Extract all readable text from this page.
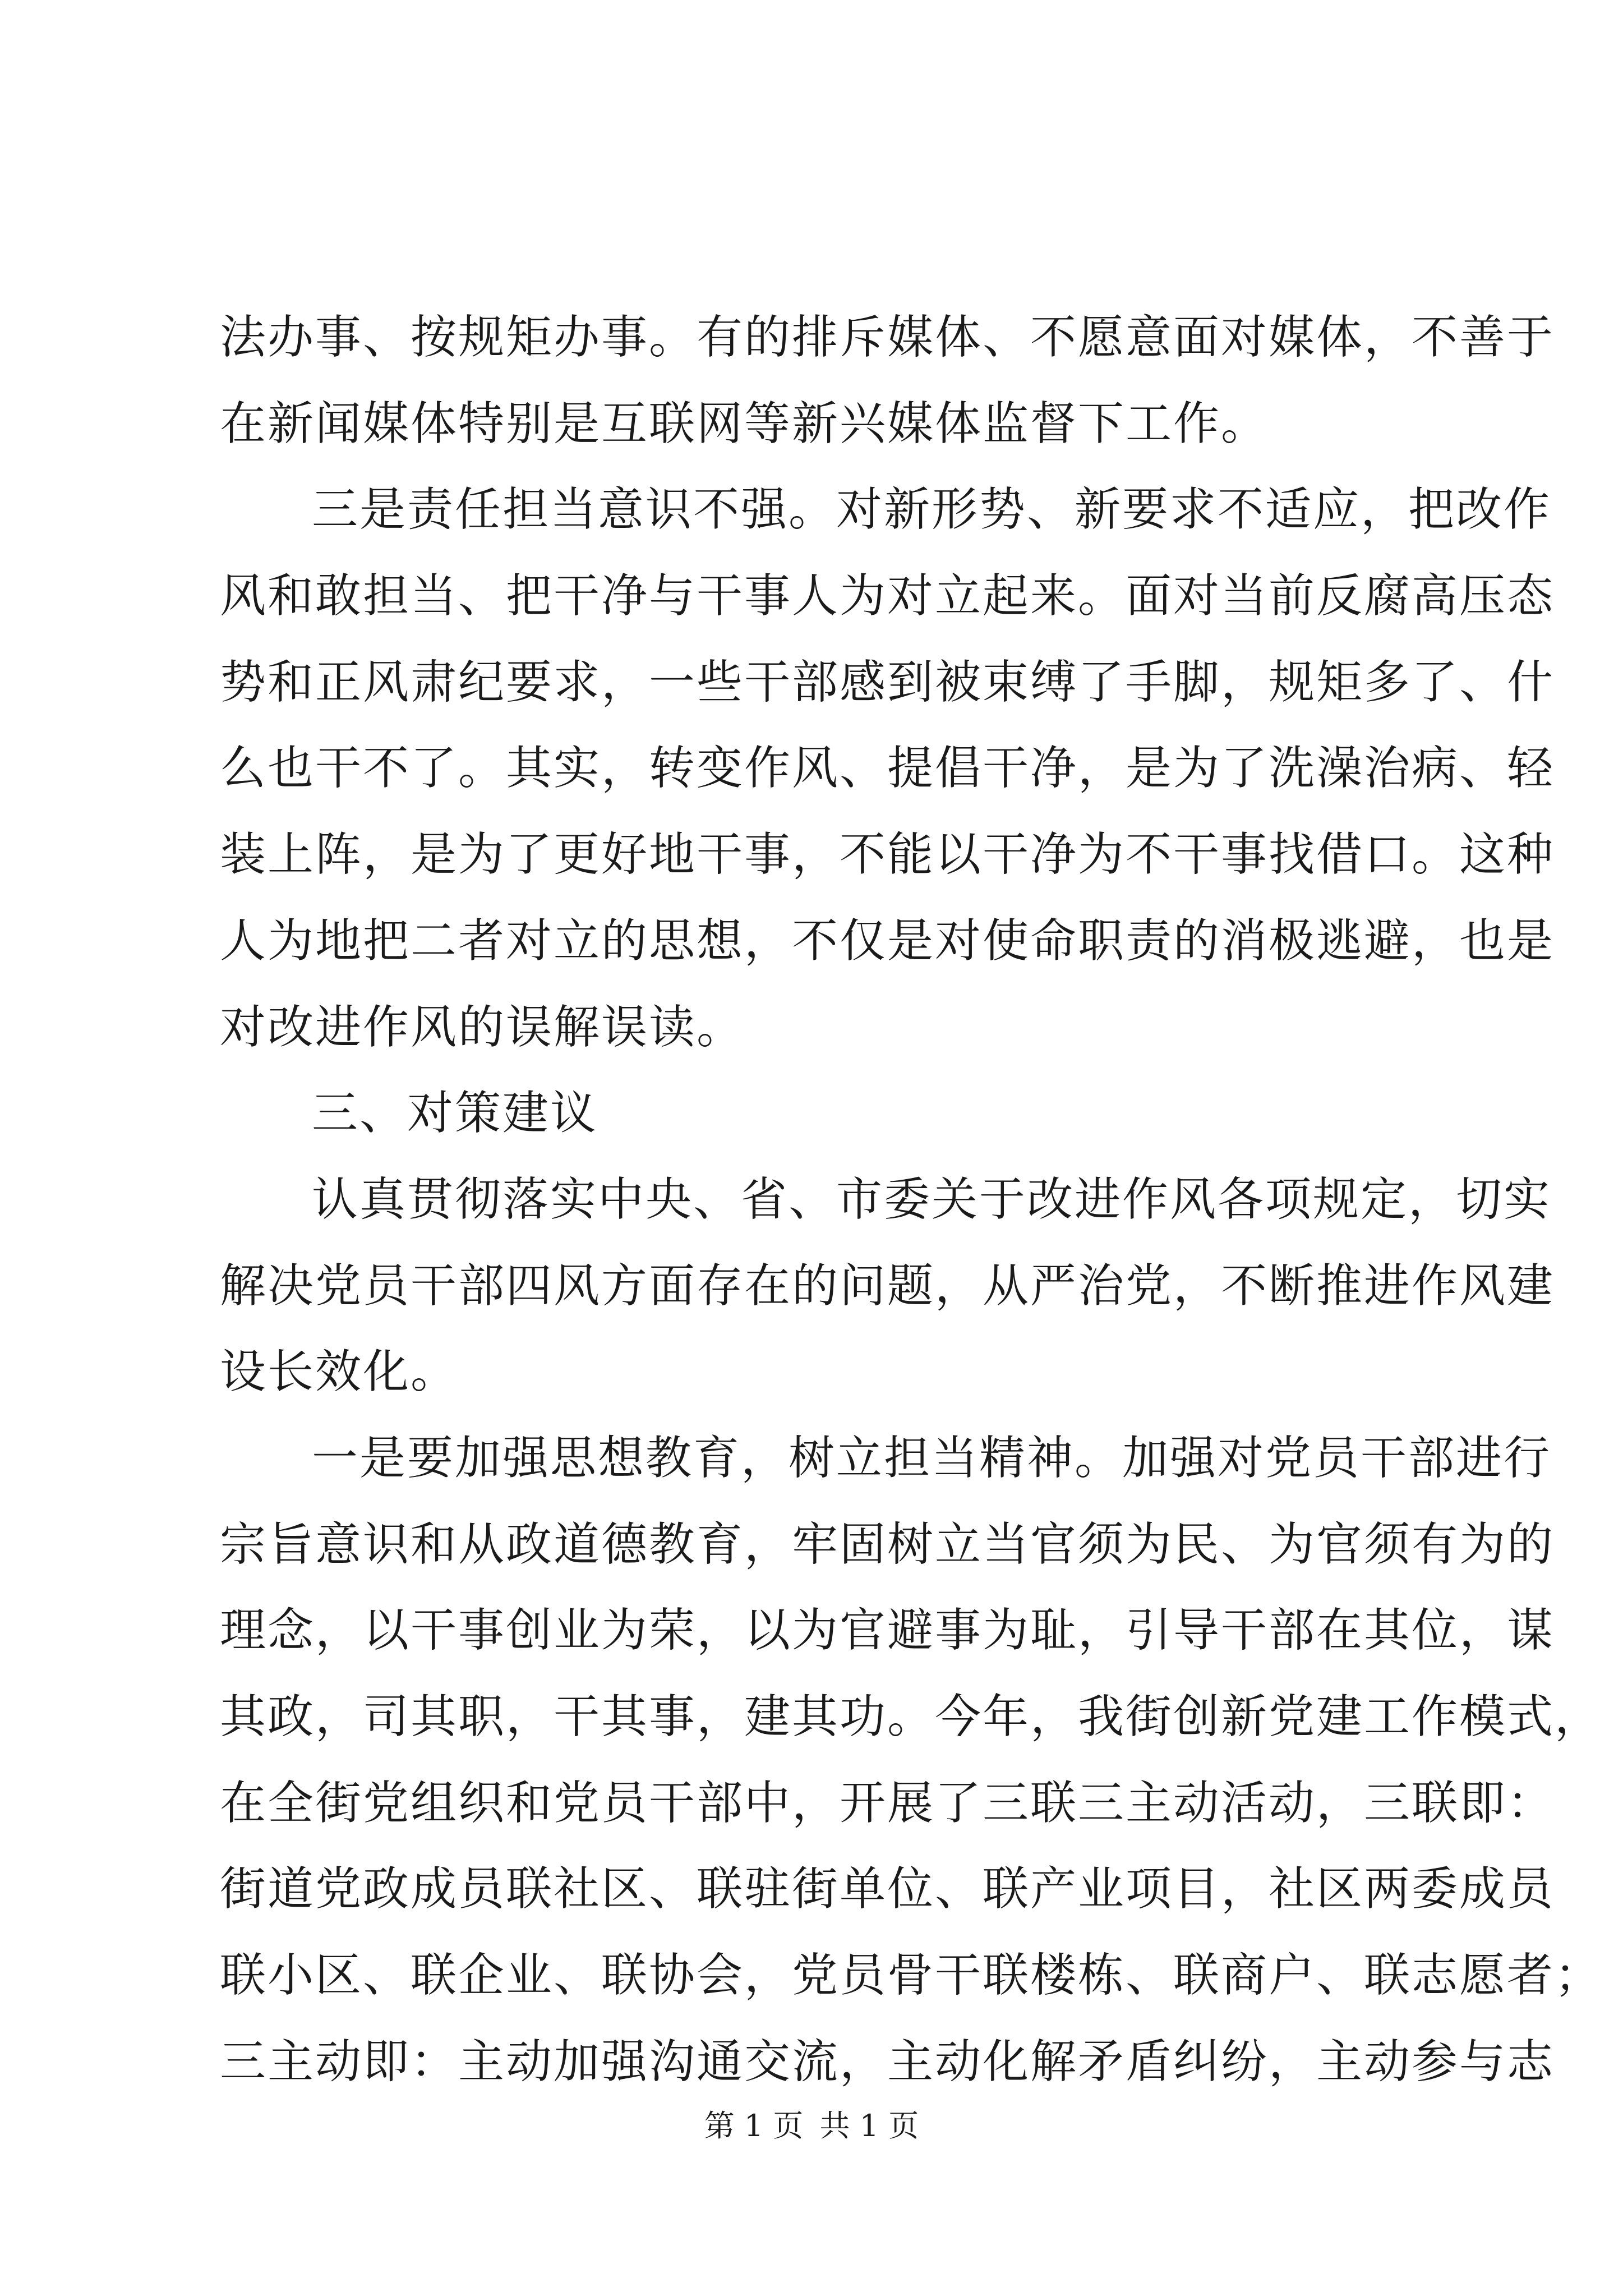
法办事、按规矩办事。有的排斥媒体、不愿意面对媒体，不善于
在新闻媒体特别是互联网等新兴媒体监督下工作。
三是责任担当意识不强。对新形势、新要求不适应，把改作
风和敢担当、把干净与干事人为对立起来。面对当前反腐高压态
势和正风肃纪要求，一些干部感到被束缚了手脚，规矩多了、什
么也干不了。其实，转变作风、提倡干净，是为了洗澡治病、轻
装上阵，是为了更好地干事，不能以干净为不干事找借口。这种
人为地把二者对立的思想，不仅是对使命职责的消极逃避，也是
对改进作风的误解误读。
三、对策建议
认真贯彻落实中央、省、市委关于改进作风各项规定，切实
解决党员干部四风方面存在的问题，从严治党，不断推进作风建
设长效化。
一是要加强思想教育，树立担当精神。加强对党员干部进行
宗旨意识和从政道德教育，牢固树立当官须为民、为官须有为的
理念，以干事创业为荣，以为官避事为耻，引导干部在其位，谋
其政，司其职，干其事，建其功。今年，我街创新党建工作模式，
在全街党组织和党员干部中，开展了三联三主动活动，三联即：
街道党政成员联社区、联驻街单位、联产业项目，社区两委成员
联小区、联企业、联协会，党员骨干联楼栋、联商户、联志愿者；
三主动即：主动加强沟通交流，主动化解矛盾纠纷，主动参与志
第 1 页 共 1 页
